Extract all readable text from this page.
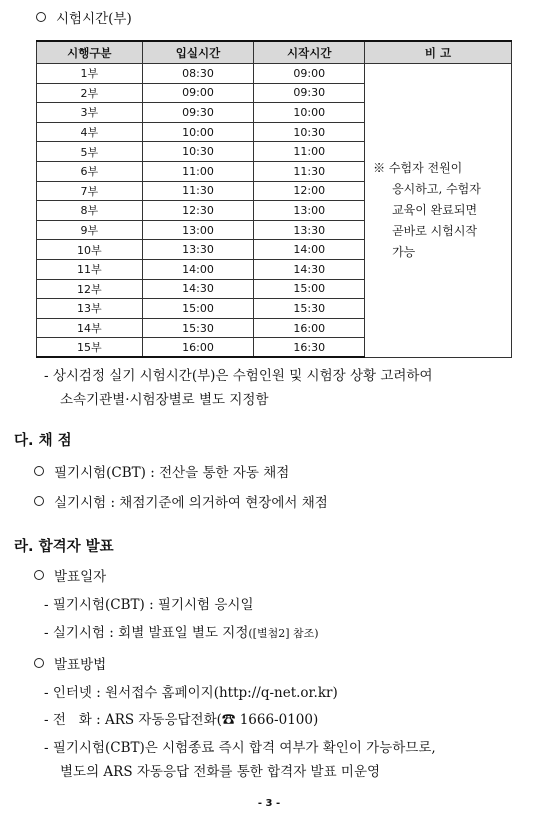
시험시간(부)
시행구분	입실시간	시작시간	비 고
1부	08:30	09:00	※ 수험자 전원이
응시하고, 수험자
교육이 완료되면
곧바로 시험시작
가능

2부	09:00	09:30	
3부	09:30	10:00	
4부	10:00	10:30	
5부	10:30	11:00	
6부	11:00	11:30	
7부	11:30	12:00	
8부	12:30	13:00	
9부	13:00	13:30	
10부	13:30	14:00	
11부	14:00	14:30	
12부	14:30	15:00	
13부	15:00	15:30	
14부	15:30	16:00	
15부	16:00	16:30	
- 상시검정 실기 시험시간(부)은 수험인원 및 시험장 상황 고려하여
소속기관별·시험장별로 별도 지정함
다. 채 점
필기시험(CBT) : 전산을 통한 자동 채점
실기시험 : 채점기준에 의거하여 현장에서 채점
라. 합격자 발표
발표일자
- 필기시험(CBT) : 필기시험 응시일
- 실기시험 : 회별 발표일 별도 지정([별첨2] 참조)
발표방법
- 인터넷 : 원서접수 홈페이지(http://q-net.or.kr)
- 전   화 : ARS 자동응답전화(☎ 1666-0100)
- 필기시험(CBT)은 시험종료 즉시 합격 여부가 확인이 가능하므로,
별도의 ARS 자동응답 전화를 통한 합격자 발표 미운영
- 3 -
